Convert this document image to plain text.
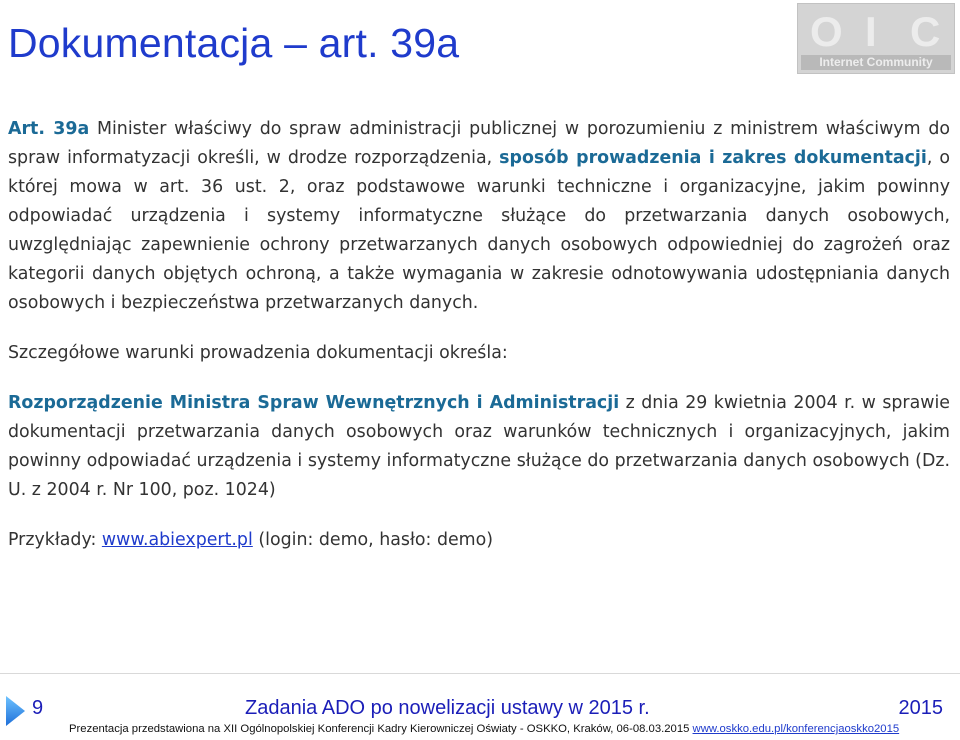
Dokumentacja – art. 39a	O I C
Internet Community

Art. 39a Minister właściwy do spraw administracji publicznej w porozumieniu z ministrem właściwym do spraw informatyzacji określi, w drodze rozporządzenia, sposób prowadzenia i zakres dokumentacji, o której mowa w art. 36 ust. 2, oraz podstawowe warunki techniczne i organizacyjne, jakim powinny odpowiadać urządzenia i systemy informatyczne służące do przetwarzania danych osobowych, uwzględniając zapewnienie ochrony przetwarzanych danych osobowych odpowiedniej do zagrożeń oraz kategorii danych objętych ochroną, a także wymagania w zakresie odnotowywania udostępniania danych osobowych i bezpieczeństwa przetwarzanych danych.

Szczegółowe warunki prowadzenia dokumentacji określa:

Rozporządzenie Ministra Spraw Wewnętrznych i Administracji z dnia 29 kwietnia 2004 r. w sprawie dokumentacji przetwarzania danych osobowych oraz warunków technicznych i organizacyjnych, jakim powinny odpowiadać urządzenia i systemy informatyczne służące do przetwarzania danych osobowych (Dz. U. z 2004 r. Nr 100, poz. 1024)

Przykłady: www.abiexpert.pl (login: demo, hasło: demo)

9	Zadania ADO po nowelizacji ustawy w 2015 r.	2015
Prezentacja przedstawiona na XII Ogólnopolskiej Konferencji Kadry Kierowniczej Oświaty - OSKKO, Kraków, 06-08.03.2015 www.oskko.edu.pl/konferencjaoskko2015
